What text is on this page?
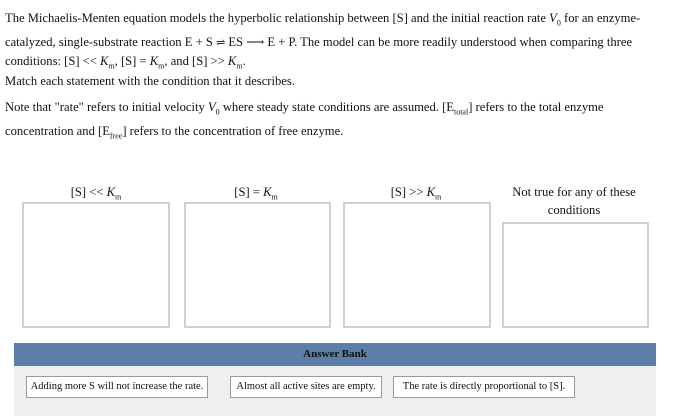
The Michaelis-Menten equation models the hyperbolic relationship between [S] and the initial reaction rate $V_0$ for an enzyme-catalyzed, single-substrate reaction E + S ⇌ ES ⟶ E + P. The model can be more readily understood when comparing three conditions: $[S] << K_m$, $[S] = K_m$, and $[S] >> K_m$.
Match each statement with the condition that it describes.
Note that "rate" refers to initial velocity $V_0$ where steady state conditions are assumed. $[E_{total}]$ refers to the total enzyme concentration and $[E_{free}]$ refers to the concentration of free enzyme.
$[S] << K_m$	$[S] = K_m$	$[S] >> K_m$	Not true for any of these conditions
Answer Bank
Adding more S will not increase the rate.	Almost all active sites are empty.	The rate is directly proportional to [S].
